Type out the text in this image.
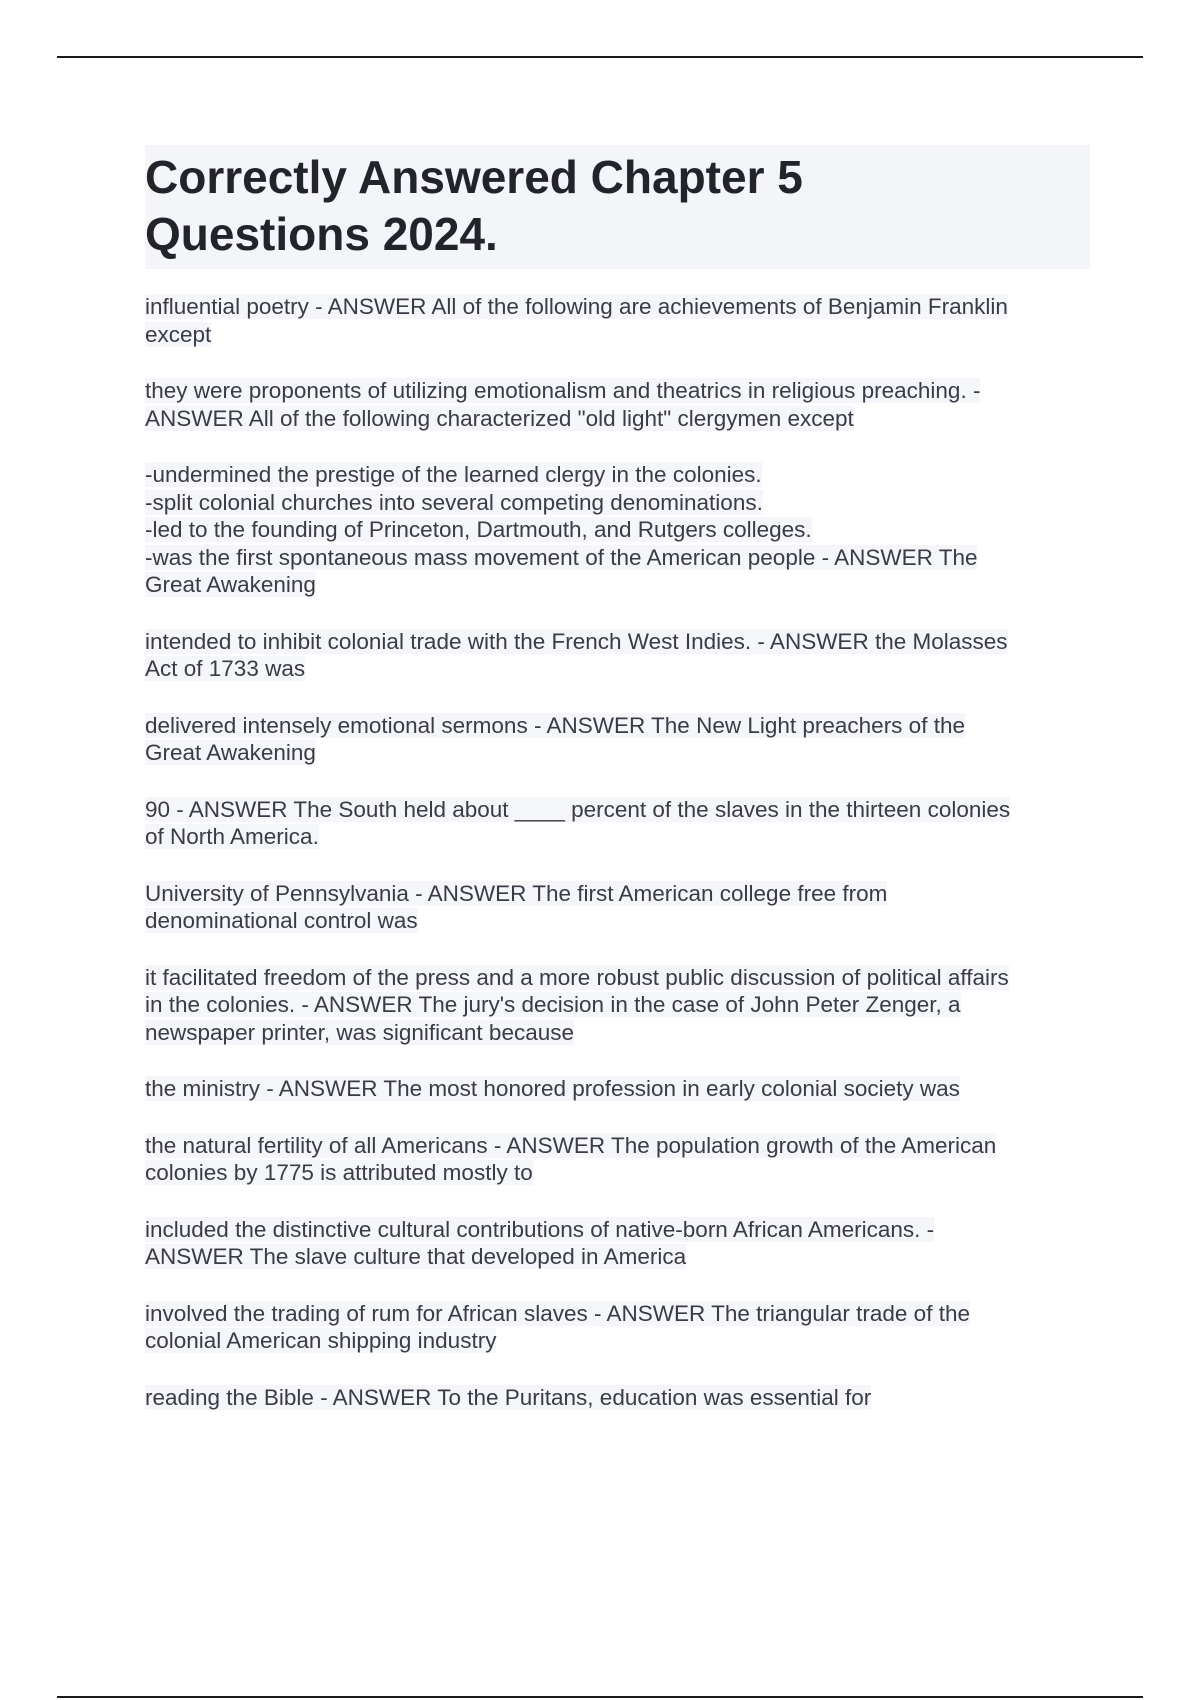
Correctly Answered Chapter 5
Questions 2024.

influential poetry - ANSWER All of the following are achievements of Benjamin Franklin
except

they were proponents of utilizing emotionalism and theatrics in religious preaching. -
ANSWER All of the following characterized "old light" clergymen except

-undermined the prestige of the learned clergy in the colonies.
-split colonial churches into several competing denominations.
-led to the founding of Princeton, Dartmouth, and Rutgers colleges.
-was the first spontaneous mass movement of the American people - ANSWER The
Great Awakening

intended to inhibit colonial trade with the French West Indies. - ANSWER the Molasses
Act of 1733 was

delivered intensely emotional sermons - ANSWER The New Light preachers of the
Great Awakening

90 - ANSWER The South held about ____ percent of the slaves in the thirteen colonies
of North America.

University of Pennsylvania - ANSWER The first American college free from
denominational control was

it facilitated freedom of the press and a more robust public discussion of political affairs
in the colonies. - ANSWER The jury's decision in the case of John Peter Zenger, a
newspaper printer, was significant because

the ministry - ANSWER The most honored profession in early colonial society was

the natural fertility of all Americans - ANSWER The population growth of the American
colonies by 1775 is attributed mostly to

included the distinctive cultural contributions of native-born African Americans. -
ANSWER The slave culture that developed in America

involved the trading of rum for African slaves - ANSWER The triangular trade of the
colonial American shipping industry

reading the Bible - ANSWER To the Puritans, education was essential for
